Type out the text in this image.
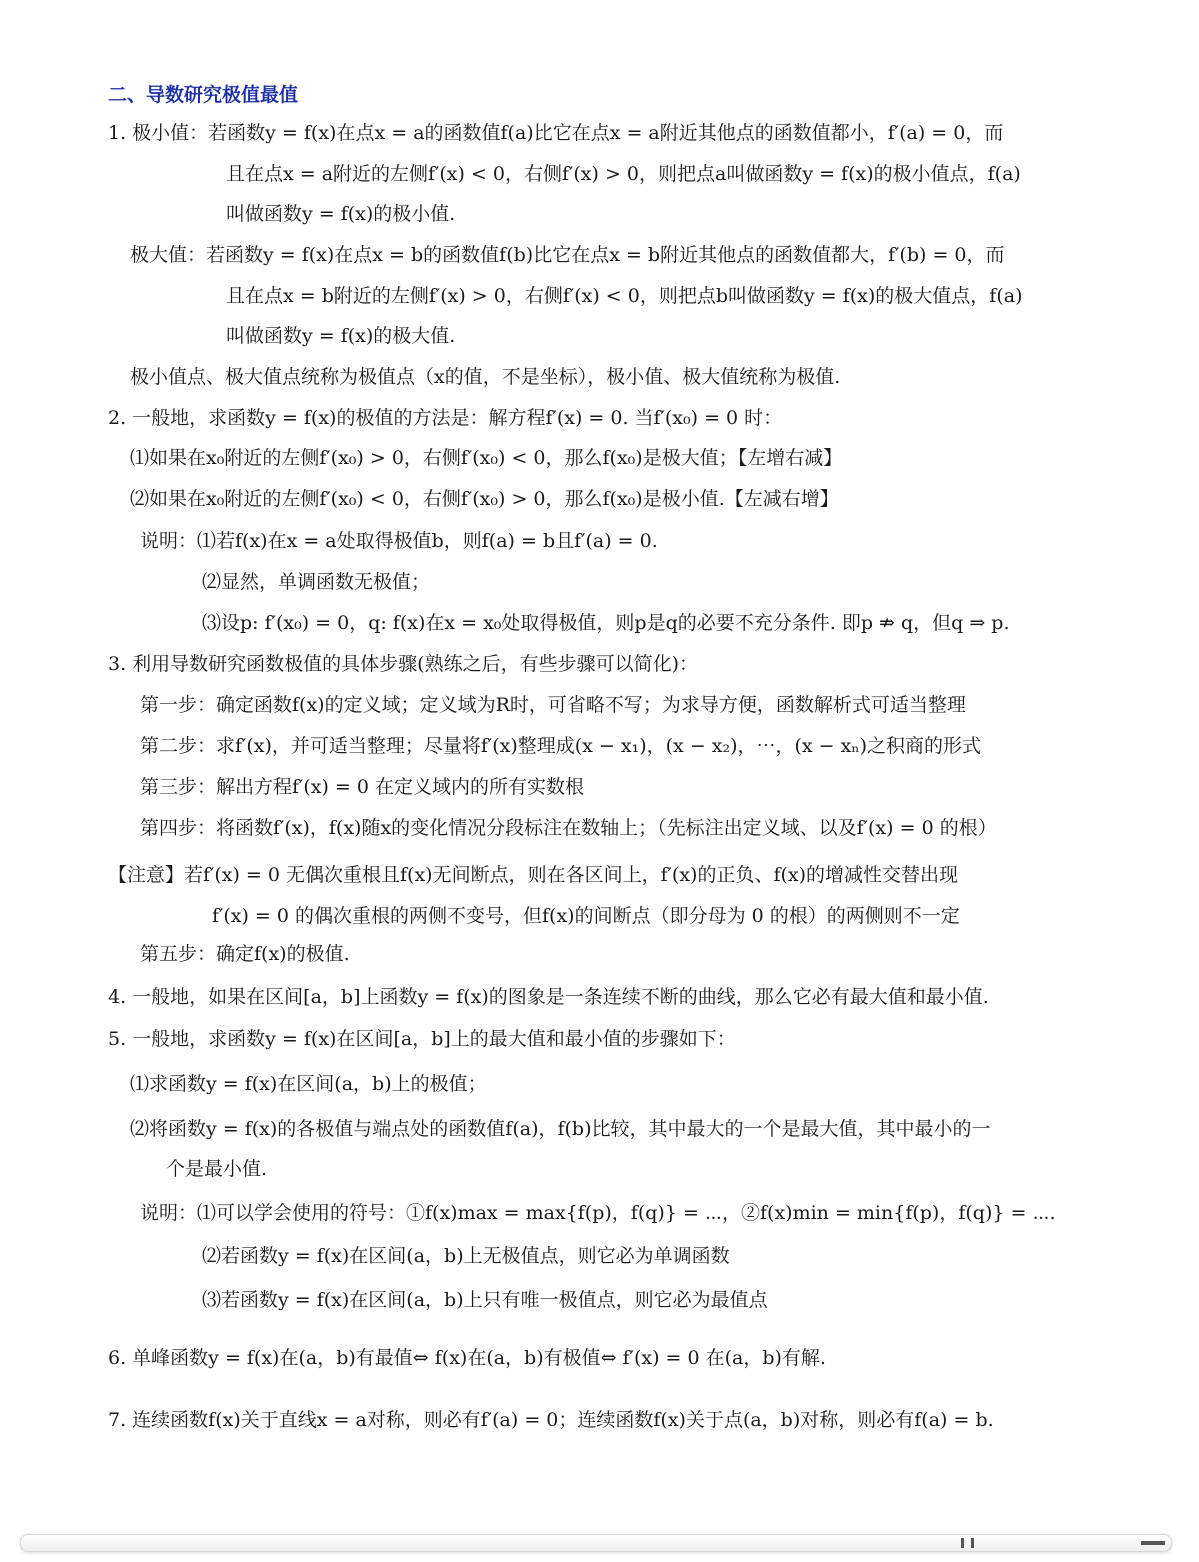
二、导数研究极值最值
1. 极小值：若函数y = f(x)在点x = a的函数值f(a)比它在点x = a附近其他点的函数值都小，f′(a) = 0，而
且在点x = a附近的左侧f′(x) < 0，右侧f′(x) > 0，则把点a叫做函数y = f(x)的极小值点，f(a)
叫做函数y = f(x)的极小值.
极大值：若函数y = f(x)在点x = b的函数值f(b)比它在点x = b附近其他点的函数值都大，f′(b) = 0，而
且在点x = b附近的左侧f′(x) > 0，右侧f′(x) < 0，则把点b叫做函数y = f(x)的极大值点，f(a)
叫做函数y = f(x)的极大值.
极小值点、极大值点统称为极值点（x的值，不是坐标），极小值、极大值统称为极值.
2. 一般地，求函数y = f(x)的极值的方法是：解方程f′(x) = 0. 当f′(x₀) = 0 时：
⑴如果在x₀附近的左侧f′(x₀) > 0，右侧f′(x₀) < 0，那么f(x₀)是极大值；【左增右减】
⑵如果在x₀附近的左侧f′(x₀) < 0，右侧f′(x₀) > 0，那么f(x₀)是极小值.【左减右增】
说明：⑴若f(x)在x = a处取得极值b，则f(a) = b且f′(a) = 0.
⑵显然，单调函数无极值；
⑶设p: f′(x₀) = 0，q: f(x)在x = x₀处取得极值，则p是q的必要不充分条件. 即p ⇏ q，但q ⇒ p.
3. 利用导数研究函数极值的具体步骤(熟练之后，有些步骤可以简化)：
第一步：确定函数f(x)的定义域；定义域为R时，可省略不写；为求导方便，函数解析式可适当整理
第二步：求f′(x)，并可适当整理；尽量将f′(x)整理成(x − x₁)，(x − x₂)，⋯，(x − xₙ)之积商的形式
第三步：解出方程f′(x) = 0 在定义域内的所有实数根
第四步：将函数f′(x)，f(x)随x的变化情况分段标注在数轴上；（先标注出定义域、以及f′(x) = 0 的根）
【注意】若f′(x) = 0 无偶次重根且f(x)无间断点，则在各区间上，f′(x)的正负、f(x)的增减性交替出现
f′(x) = 0 的偶次重根的两侧不变号，但f(x)的间断点（即分母为 0 的根）的两侧则不一定
第五步：确定f(x)的极值.
4. 一般地，如果在区间[a，b]上函数y = f(x)的图象是一条连续不断的曲线，那么它必有最大值和最小值.
5. 一般地，求函数y = f(x)在区间[a，b]上的最大值和最小值的步骤如下：
⑴求函数y = f(x)在区间(a，b)上的极值；
⑵将函数y = f(x)的各极值与端点处的函数值f(a)，f(b)比较，其中最大的一个是最大值，其中最小的一
个是最小值.
说明：⑴可以学会使用的符号：①f(x)max = max{f(p)，f(q)} = ⋯，②f(x)min = min{f(p)，f(q)} = ⋯.
⑵若函数y = f(x)在区间(a，b)上无极值点，则它必为单调函数
⑶若函数y = f(x)在区间(a，b)上只有唯一极值点，则它必为最值点
6. 单峰函数y = f(x)在(a，b)有最值⇔ f(x)在(a，b)有极值⇔ f′(x) = 0 在(a，b)有解.
7. 连续函数f(x)关于直线x = a对称，则必有f′(a) = 0；连续函数f(x)关于点(a，b)对称，则必有f(a) = b.
